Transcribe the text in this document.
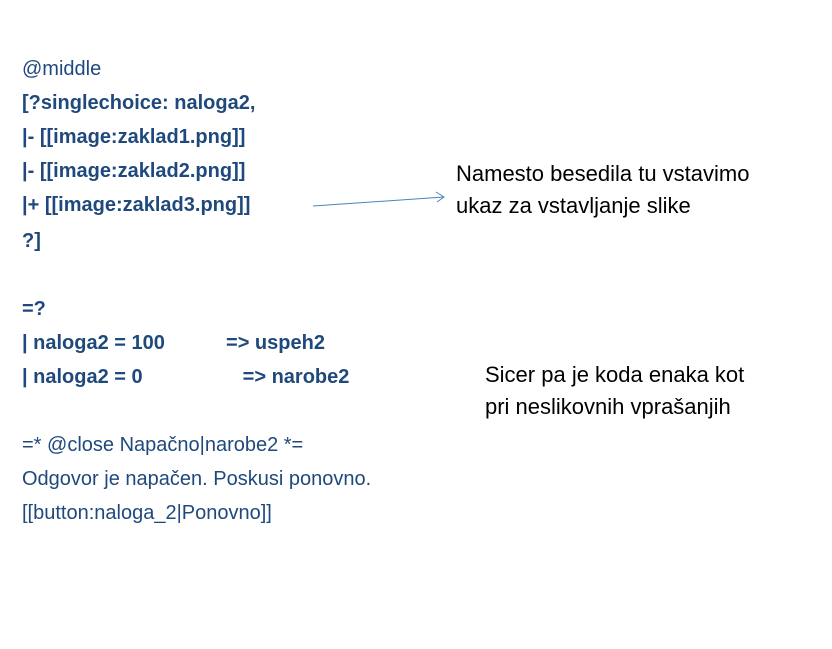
@middle
[?singlechoice: naloga2,
|- [[image:zaklad1.png]]
|- [[image:zaklad2.png]]
|+ [[image:zaklad3.png]]
?]
=?
| naloga2 = 100           => uspeh2
| naloga2 = 0                  => narobe2
=* @close Napačno|narobe2 *=
Odgovor je napačen. Poskusi ponovno.
[[button:naloga_2|Ponovno]]
Namesto besedila tu vstavimo
ukaz za vstavljanje slike
Sicer pa je koda enaka kot
pri neslikovnih vprašanjih
